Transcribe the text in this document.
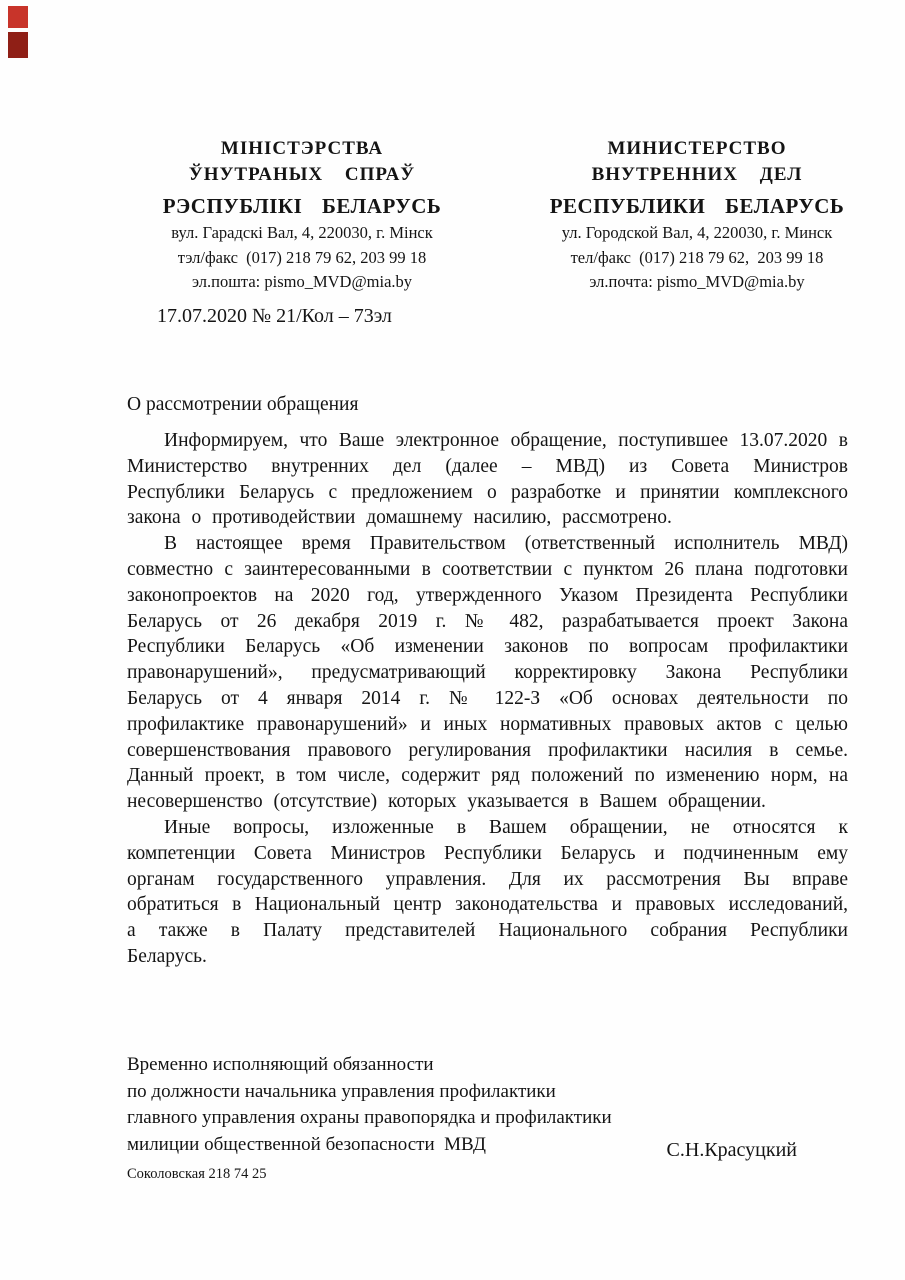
МІНІСТЭРСТВА
ЎНУТРАНЫХ СПРАЎ
РЭСПУБЛІКІ БЕЛАРУСЬ
вул. Гарадскі Вал, 4, 220030, г. Мінск
тэл/факс  (017) 218 79 62, 203 99 18
эл.пошта: pismo_MVD@mia.by
МИНИСТЕРСТВО
ВНУТРЕННИХ ДЕЛ
РЕСПУБЛИКИ БЕЛАРУСЬ
ул. Городской Вал, 4, 220030, г. Минск
тел/факс  (017) 218 79 62,  203 99 18
эл.почта: pismo_MVD@mia.by
17.07.2020 № 21/Кол – 73эл
О рассмотрении обращения

Информируем, что Ваше электронное обращение, поступившее 13.07.2020 в Министерство внутренних дел (далее – МВД) из Совета Министров Республики Беларусь с предложением о разработке и принятии комплексного закона о противодействии домашнему насилию, рассмотрено.

В настоящее время Правительством (ответственный исполнитель МВД) совместно с заинтересованными в соответствии с пунктом 26 плана подготовки законопроектов на 2020 год, утвержденного Указом Президента Республики Беларусь от 26 декабря 2019 г. № 482, разрабатывается проект Закона Республики Беларусь «Об изменении законов по вопросам профилактики правонарушений», предусматривающий корректировку Закона Республики Беларусь от 4 января 2014 г. № 122-З «Об основах деятельности по профилактике правонарушений» и иных нормативных правовых актов с целью совершенствования правового регулирования профилактики насилия в семье. Данный проект, в том числе, содержит ряд положений по изменению норм, на несовершенство (отсутствие) которых указывается в Вашем обращении.

Иные вопросы, изложенные в Вашем обращении, не относятся к компетенции Совета Министров Республики Беларусь и подчиненным ему органам государственного управления. Для их рассмотрения Вы вправе обратиться в Национальный центр законодательства и правовых исследований, а также в Палату представителей Национального собрания Республики Беларусь.

Временно исполняющий обязанности
по должности начальника управления профилактики
главного управления охраны правопорядка и профилактики
милиции общественной безопасности  МВД	С.Н.Красуцкий
Соколовская 218 74 25
